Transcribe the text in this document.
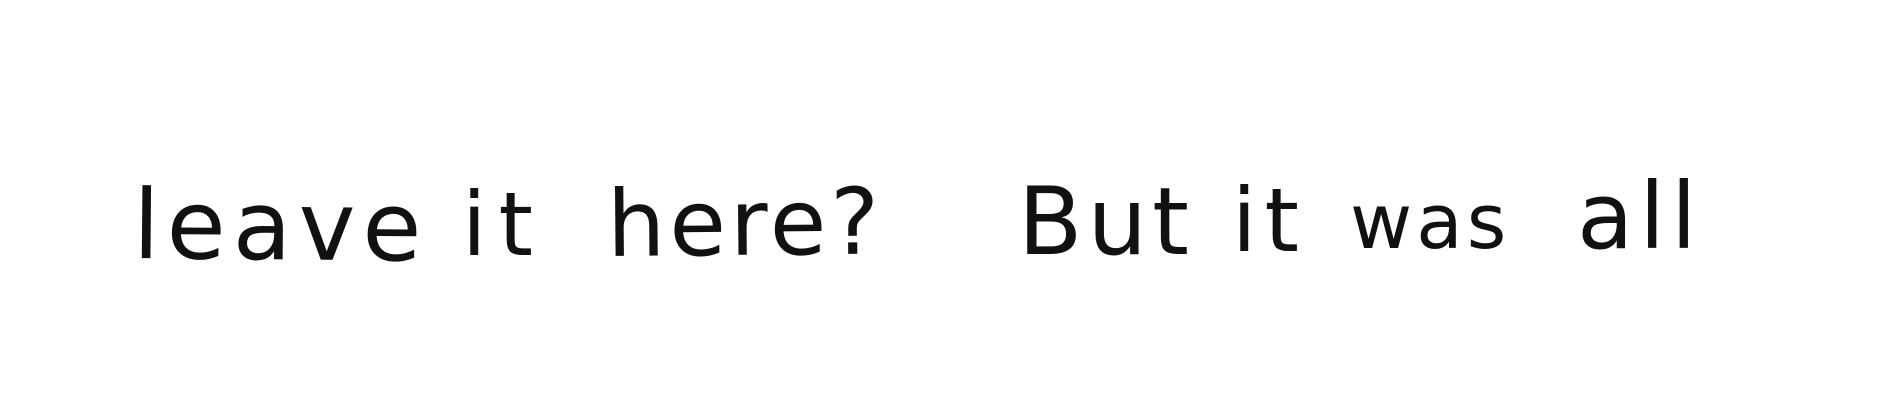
leave it here? But it was all
